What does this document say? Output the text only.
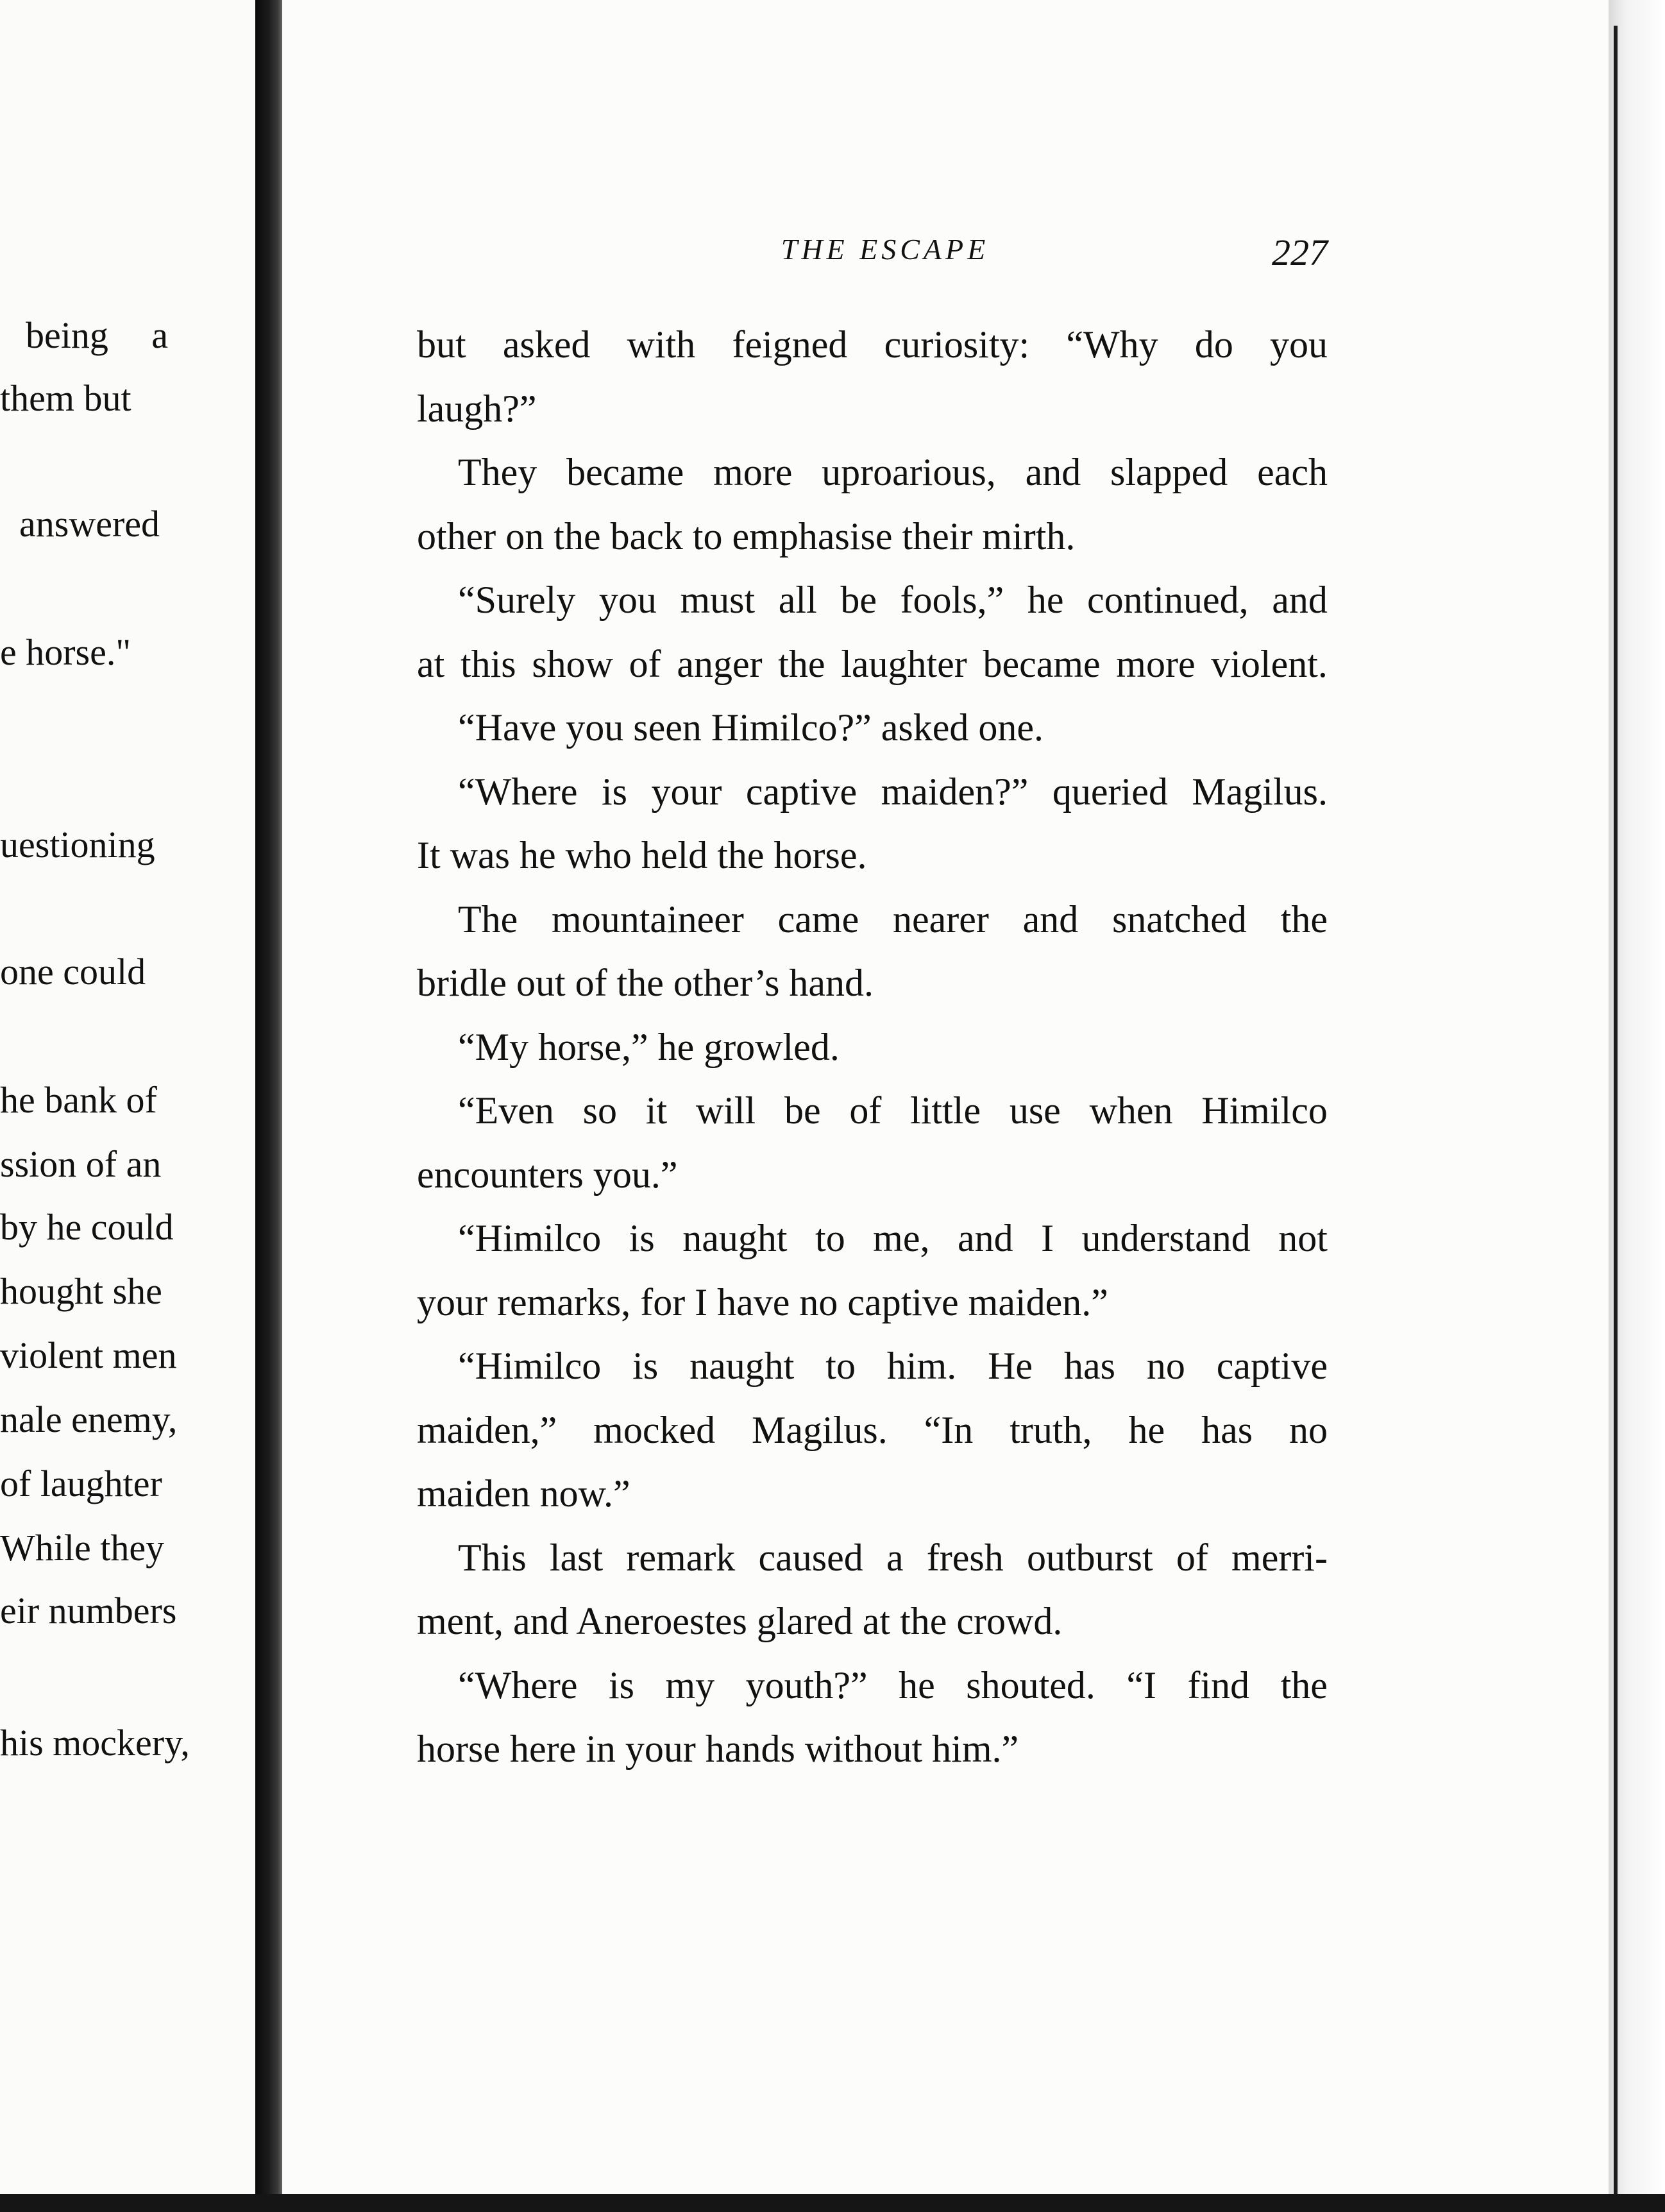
being a
them but
answered
e horse."
uestioning
one could
he bank of
ssion of an
by he could
hought she
violent men
nale enemy,
of laughter
While they
eir numbers
his mockery,
THE ESCAPE	227
but asked with feigned curiosity: “Why do you
laugh?”
They became more uproarious, and slapped each
other on the back to emphasise their mirth.
“Surely you must all be fools,” he continued, and
at this show of anger the laughter became more violent.
“Have you seen Himilco?” asked one.
“Where is your captive maiden?” queried Magilus.
It was he who held the horse.
The mountaineer came nearer and snatched the
bridle out of the other’s hand.
“My horse,” he growled.
“Even so it will be of little use when Himilco
encounters you.”
“Himilco is naught to me, and I understand not
your remarks, for I have no captive maiden.”
“Himilco is naught to him. He has no captive
maiden,” mocked Magilus. “In truth, he has no
maiden now.”
This last remark caused a fresh outburst of merri-
ment, and Aneroestes glared at the crowd.
“Where is my youth?” he shouted. “I find the
horse here in your hands without him.”
